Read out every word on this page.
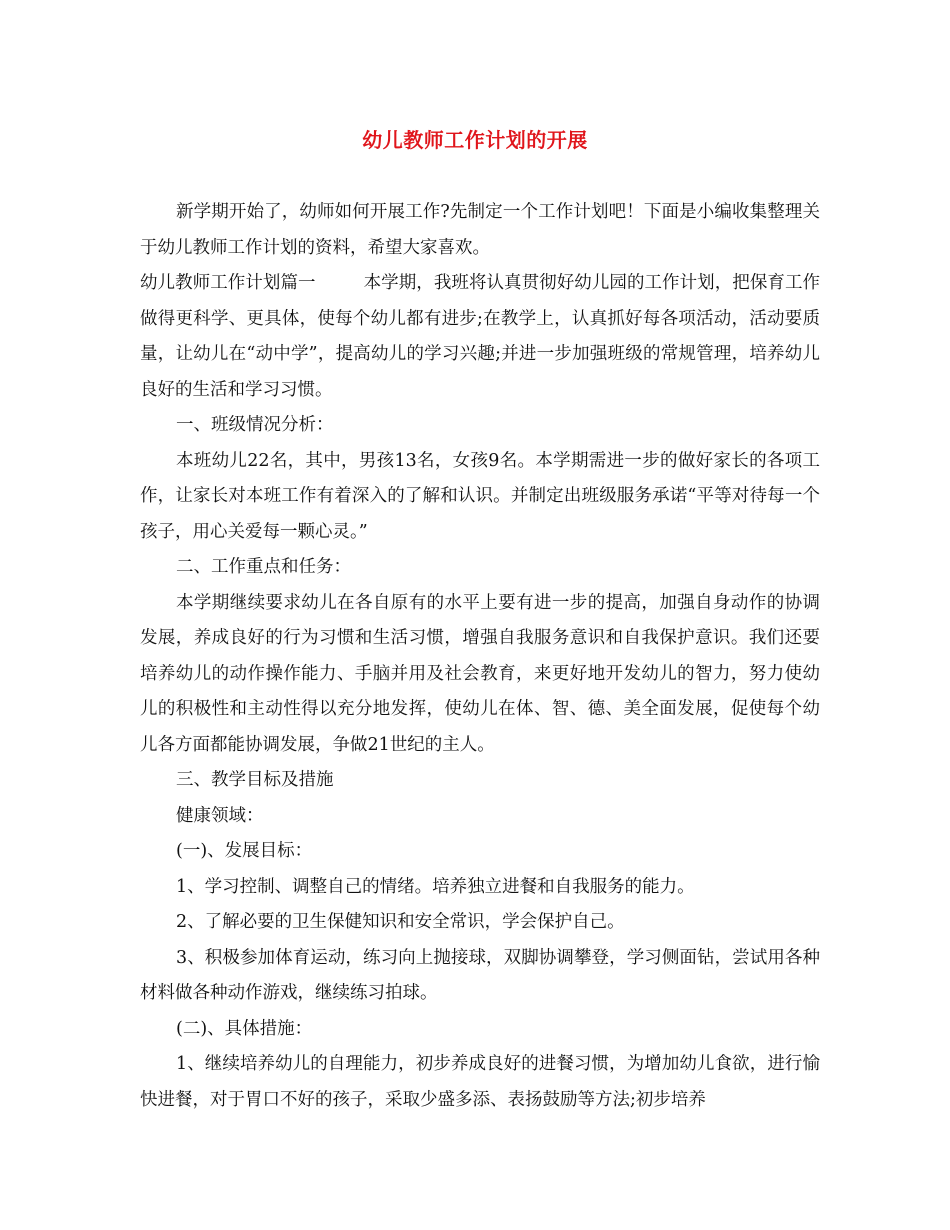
幼儿教师工作计划的开展

新学期开始了，幼师如何开展工作?先制定一个工作计划吧！下面是小编收集整理关于幼儿教师工作计划的资料，希望大家喜欢。

幼儿教师工作计划篇一	本学期，我班将认真贯彻好幼儿园的工作计划，把保育工作做得更科学、更具体，使每个幼儿都有进步;在教学上，认真抓好每各项活动，活动要质量，让幼儿在“动中学”，提高幼儿的学习兴趣;并进一步加强班级的常规管理，培养幼儿良好的生活和学习习惯。

一、班级情况分析：

本班幼儿22名，其中，男孩13名，女孩9名。本学期需进一步的做好家长的各项工作，让家长对本班工作有着深入的了解和认识。并制定出班级服务承诺“平等对待每一个孩子，用心关爱每一颗心灵。”

二、工作重点和任务：

本学期继续要求幼儿在各自原有的水平上要有进一步的提高，加强自身动作的协调发展，养成良好的行为习惯和生活习惯，增强自我服务意识和自我保护意识。我们还要培养幼儿的动作操作能力、手脑并用及社会教育，来更好地开发幼儿的智力，努力使幼儿的积极性和主动性得以充分地发挥，使幼儿在体、智、德、美全面发展，促使每个幼儿各方面都能协调发展，争做21世纪的主人。

三、教学目标及措施

健康领域：

(一)、发展目标：

1、学习控制、调整自己的情绪。培养独立进餐和自我服务的能力。

2、了解必要的卫生保健知识和安全常识，学会保护自己。

3、积极参加体育运动，练习向上抛接球，双脚协调攀登，学习侧面钻，尝试用各种材料做各种动作游戏，继续练习拍球。

(二)、具体措施：

1、继续培养幼儿的自理能力，初步养成良好的进餐习惯，为增加幼儿食欲，进行愉快进餐，对于胃口不好的孩子，采取少盛多添、表扬鼓励等方法;初步培养
